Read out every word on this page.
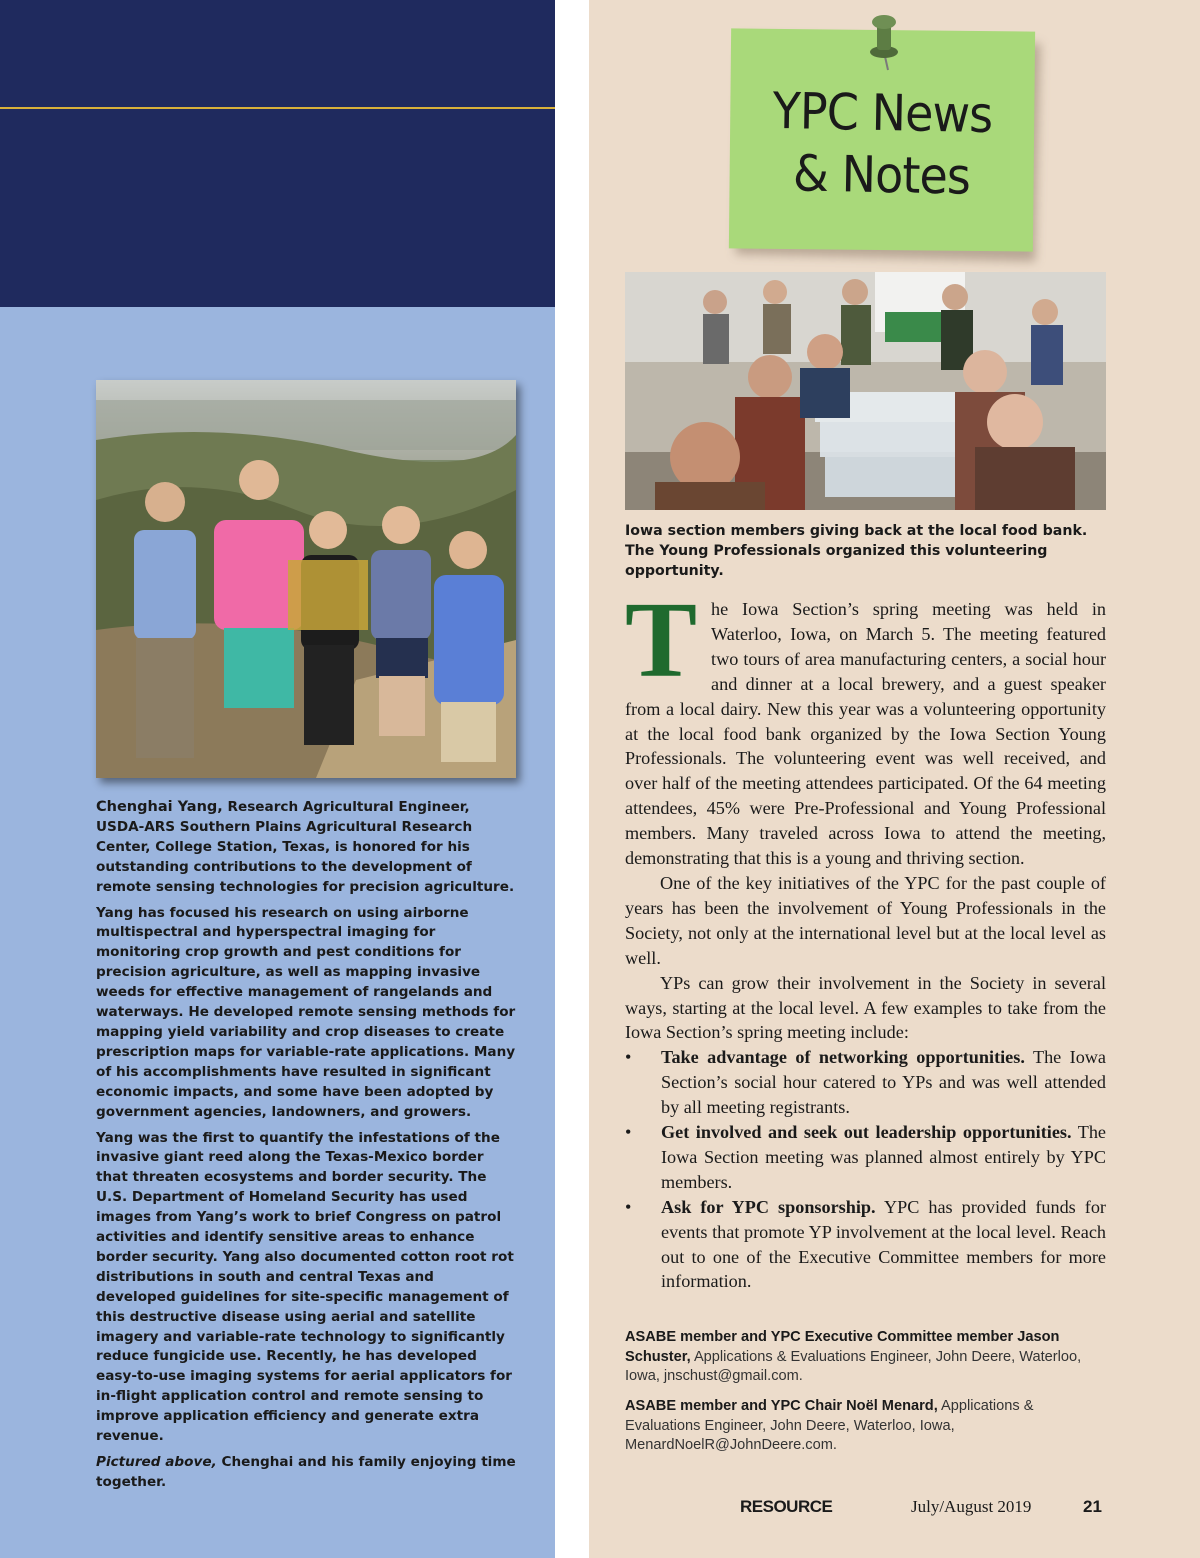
Chenghai Yang, Research Agricultural Engineer, USDA-ARS Southern Plains Agricultural Research Center, College Station, Texas, is honored for his outstanding contributions to the development of remote sensing technologies for precision agriculture.

Yang has focused his research on using airborne multispectral and hyperspectral imaging for monitoring crop growth and pest conditions for precision agriculture, as well as mapping invasive weeds for effective management of rangelands and waterways. He developed remote sensing methods for mapping yield variability and crop diseases to create prescription maps for variable-rate applications. Many of his accomplishments have resulted in significant economic impacts, and some have been adopted by government agencies, landowners, and growers.

Yang was the first to quantify the infestations of the invasive giant reed along the Texas-Mexico border that threaten ecosystems and border security. The U.S. Department of Homeland Security has used images from Yang’s work to brief Congress on patrol activities and identify sensitive areas to enhance border security. Yang also documented cotton root rot distributions in south and central Texas and developed guidelines for site-specific management of this destructive disease using aerial and satellite imagery and variable-rate technology to significantly reduce fungicide use. Recently, he has developed easy-to-use imaging systems for aerial applicators for in-flight application control and remote sensing to improve application efficiency and generate extra revenue.

Pictured above, Chenghai and his family enjoying time together.

YPC News
& Notes
Iowa section members giving back at the local food bank. The Young Professionals organized this volunteering opportunity.

The Iowa Section’s spring meeting was held in Waterloo, Iowa, on March 5. The meeting featured two tours of area manufacturing centers, a social hour and dinner at a local brewery, and a guest speaker from a local dairy. New this year was a volunteering opportunity at the local food bank organized by the Iowa Section Young Professionals. The volunteering event was well received, and over half of the meeting attendees participated. Of the 64 meeting attendees, 45% were Pre-Professional and Young Professional members. Many traveled across Iowa to attend the meeting, demonstrating that this is a young and thriving section.

One of the key initiatives of the YPC for the past couple of years has been the involvement of Young Professionals in the Society, not only at the international level but at the local level as well.

YPs can grow their involvement in the Society in several ways, starting at the local level. A few examples to take from the Iowa Section’s spring meeting include:

• Take advantage of networking opportunities. The Iowa Section’s social hour catered to YPs and was well attended by all meeting registrants.
• Get involved and seek out leadership opportunities. The Iowa Section meeting was planned almost entirely by YPC members.
• Ask for YPC sponsorship. YPC has provided funds for events that promote YP involvement at the local level. Reach out to one of the Executive Committee members for more information.
ASABE member and YPC Executive Committee member Jason Schuster, Applications & Evaluations Engineer, John Deere, Waterloo, Iowa, jnschust@gmail.com.
ASABE member and YPC Chair Noël Menard, Applications & Evaluations Engineer, John Deere, Waterloo, Iowa, MenardNoelR@JohnDeere.com.
RESOURCE	July/August 2019	21
